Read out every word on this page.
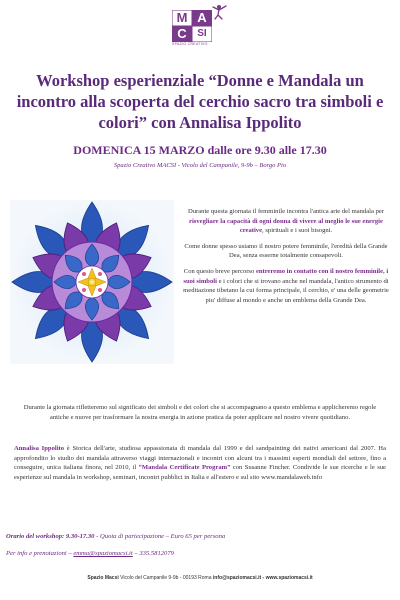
M A
C	SI
SPAZIO CREATIVO
Workshop esperienziale “Donne e Mandala un incontro alla scoperta del cerchio sacro tra simboli e colori” con Annalisa Ippolito
DOMENICA 15 MARZO dalle ore 9.30 alle 17.30
Spazio Creativo MACSI - Vicolo del Campanile, 9-9b – Borgo Pio

Durante questa giornata il femminile incontra l'antica arte del mandala per risvegliare la capacità di ogni donna di vivere al meglio le sue energie creative, spirituali e i suoi bisogni.

Come donne spesso usiamo il nostro potere femminile, l'eredità della Grande Dea, senza esserne totalmente consapevoli.

Con questo breve percorso entreremo in contatto con il nostro femminile, i suoi simboli e i colori che si trovano anche nel mandala, l'antico strumento di meditazione tibetano la cui forma principale, il cerchio, e' una delle geometrie piu' diffuse al mondo e anche un emblema della Grande Dea.

Durante la giornata rifletteremo sul significato dei simboli e dei colori che si accompagnano a questo emblema e applicheremo regole antiche e nuove per trasformare la nostra energia in azione pratica da poter applicare nel nostro vivere quotidiano.

Annalisa Ippolito è Storica dell'arte, studiosa appassionata di mandala dal 1999 e del sandpainting dei nativi americani dal 2007. Ha approfondito lo studio dei mandala attraverso viaggi internazionali e incontri con alcuni tra i massimi esperti mondiali del settore, fino a conseguire, unica italiana finora, nel 2010, il “Mandala Certificate Program” con Susanne Fincher. Condivide le sue ricerche e le sue esperienze sul mandala in workshop, seminari, incontri pubblici in Italia e all'estero e sul sito www.mandalaweb.info

Orario del workshop: 9.30-17.30 - Quota di partecipazione – Euro 65 per persona

Per info e prenotazioni – emma@spaziomacsi.it – 335.5812079

Spazio Macsi Vicolo del Campanile 9-9b - 00193 Roma info@spaziomacsi.it - www.spaziomacsi.it
